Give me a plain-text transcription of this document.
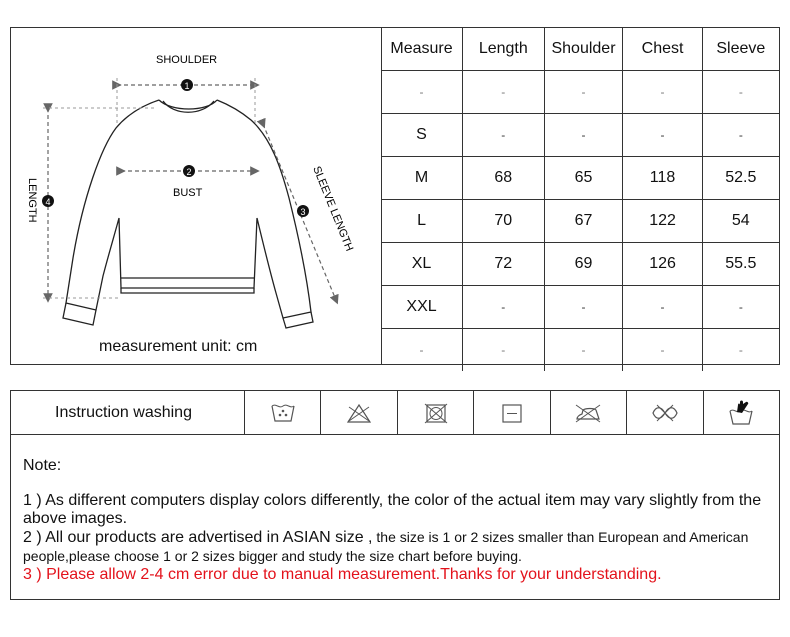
SHOULDER
1
2
BUST
4
LENGTH	3 SLEEVE LENGTH
measurement unit: cm
Measure	Length	Shoulder	Chest	Sleeve
-	-	-	-	-
S	-	-	-	-
M	68	65	118	52.5
L	70	67	122	54
XL	72	69	126	55.5
XXL	-	-	-	-
-	-	-	-	-
Instruction washing
Note:
1 ) As different computers display colors differently, the color of the actual item may vary slightly from the above images.
2 ) All our products are advertised in ASIAN size , the size is 1 or 2 sizes smaller than European and American people,please choose 1 or 2 sizes bigger and study the size chart before buying.
3 ) Please allow 2-4 cm error due to manual measurement.Thanks for your understanding.
